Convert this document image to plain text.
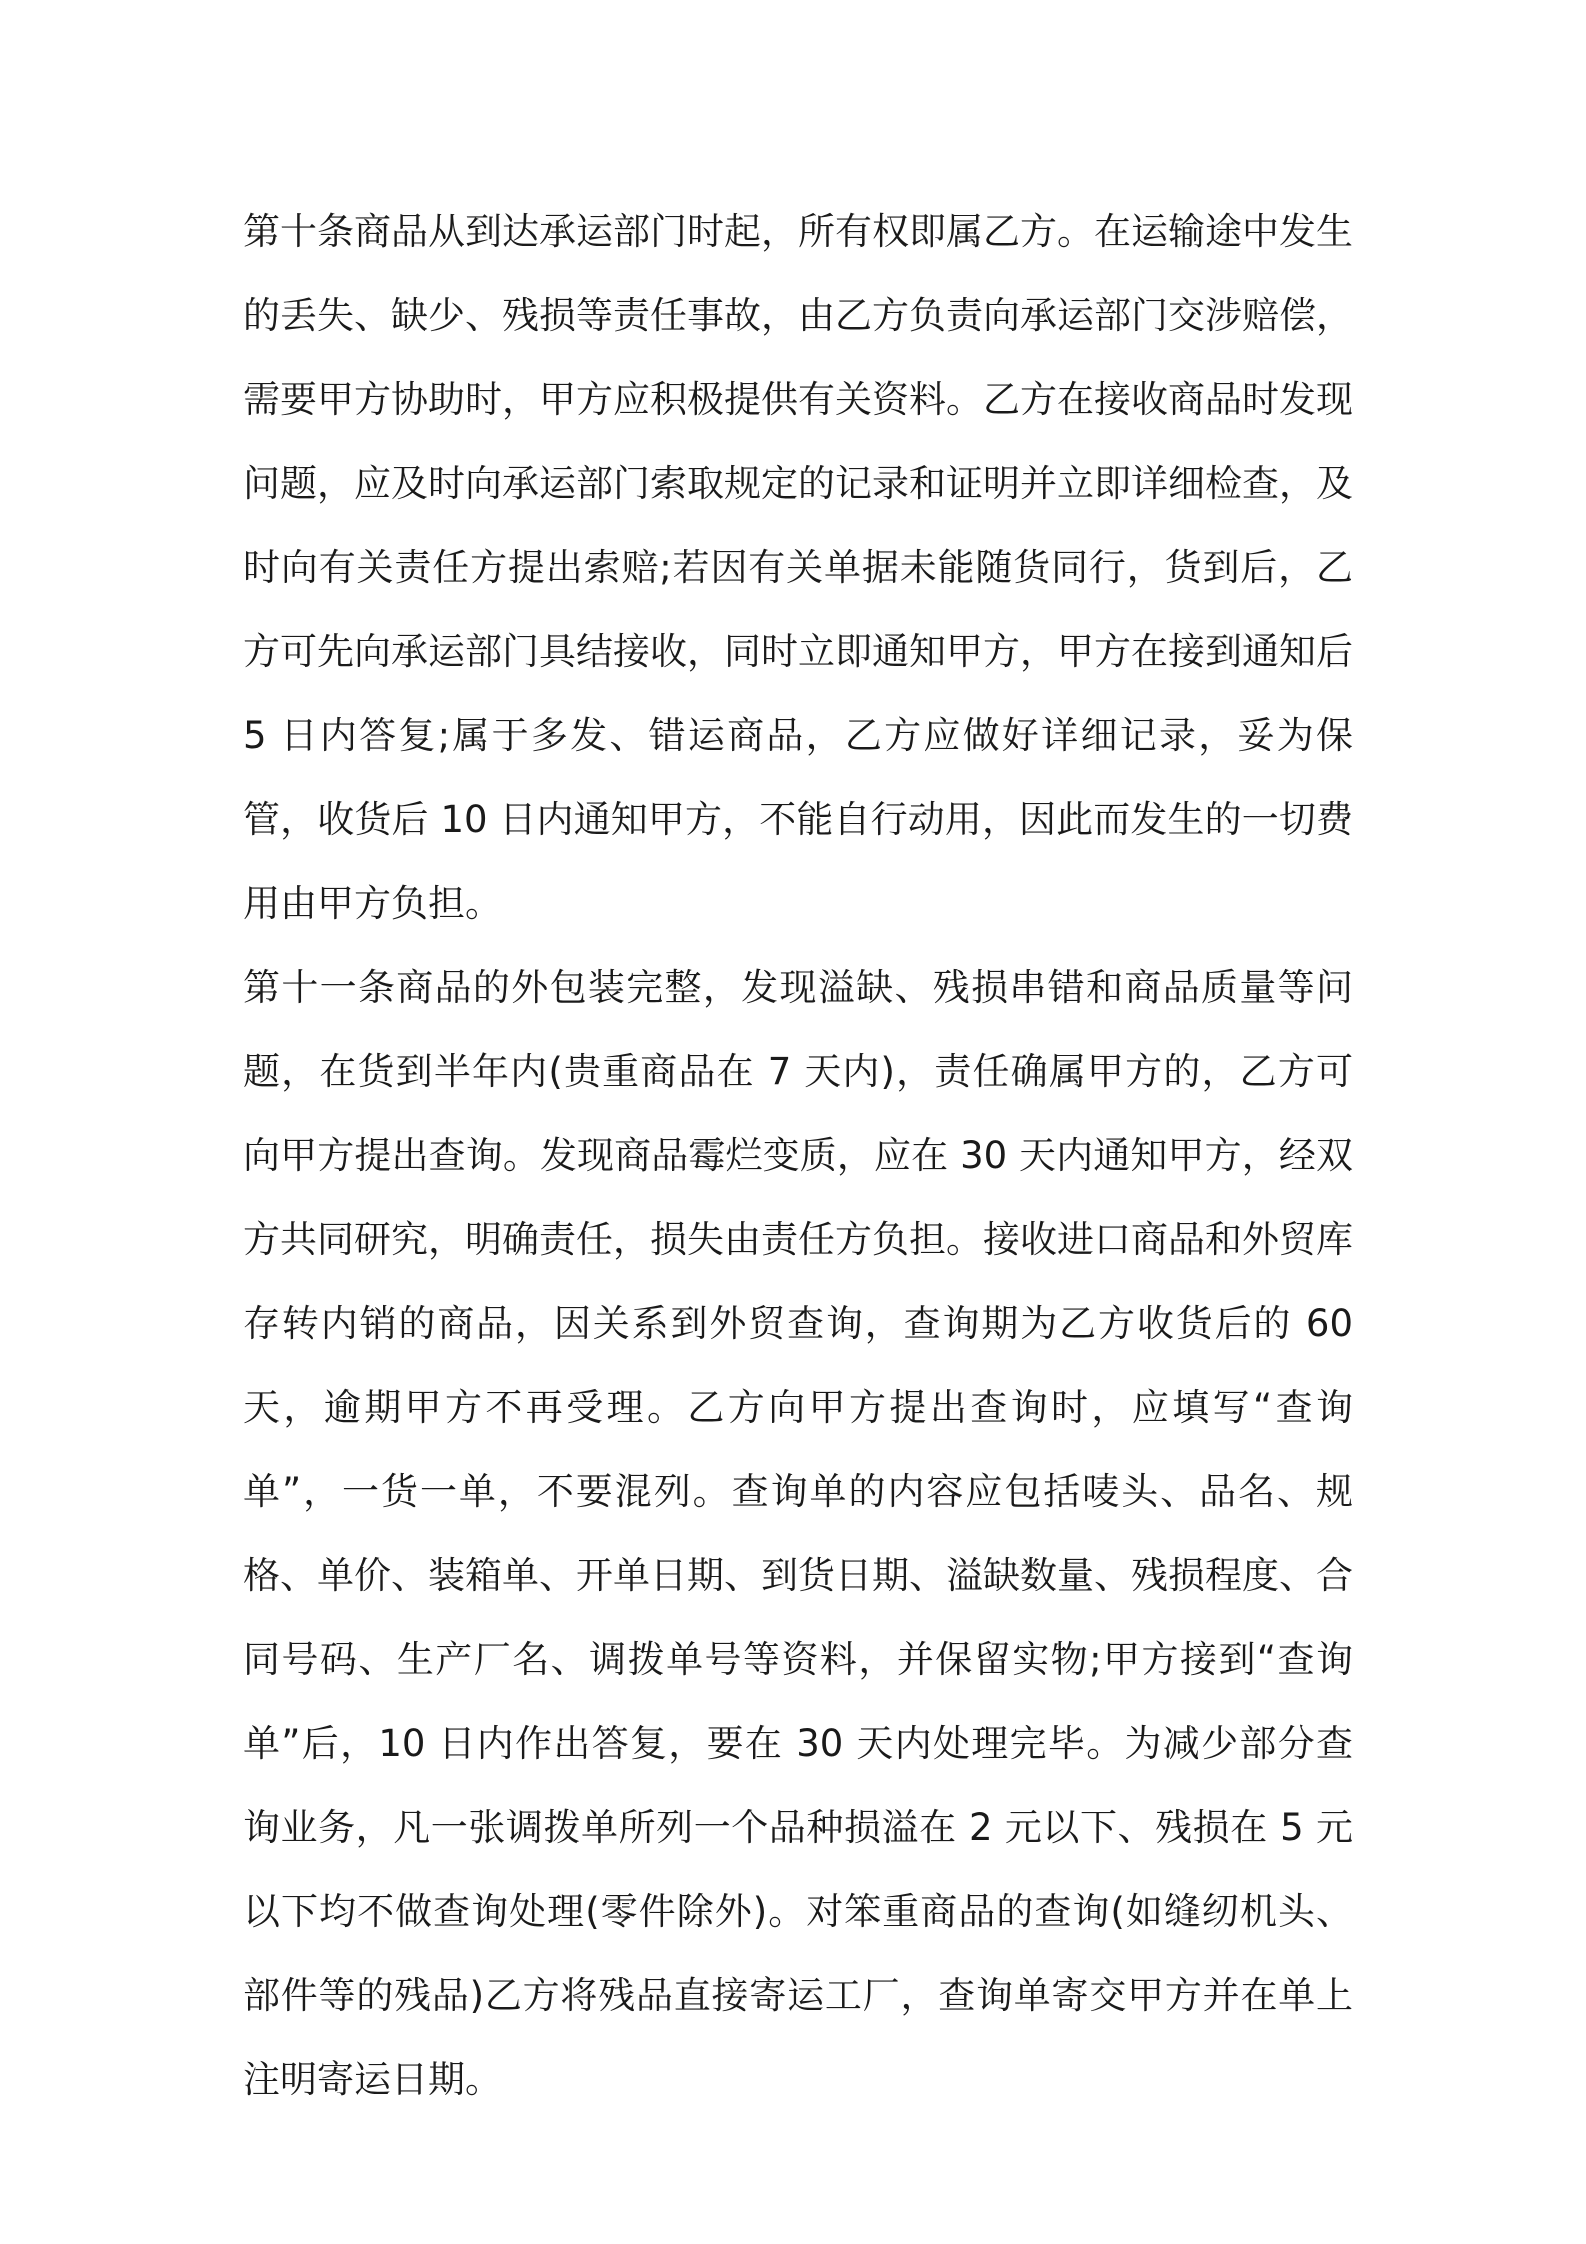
第十条商品从到达承运部门时起，所有权即属乙方。在运输途中发生的丢失、缺少、残损等责任事故，由乙方负责向承运部门交涉赔偿，需要甲方协助时，甲方应积极提供有关资料。乙方在接收商品时发现问题，应及时向承运部门索取规定的记录和证明并立即详细检查，及时向有关责任方提出索赔;若因有关单据未能随货同行，货到后，乙方可先向承运部门具结接收，同时立即通知甲方，甲方在接到通知后 5 日内答复;属于多发、错运商品，乙方应做好详细记录，妥为保管，收货后 10 日内通知甲方，不能自行动用，因此而发生的一切费用由甲方负担。

第十一条商品的外包装完整，发现溢缺、残损串错和商品质量等问题，在货到半年内(贵重商品在 7 天内)，责任确属甲方的，乙方可向甲方提出查询。发现商品霉烂变质，应在 30 天内通知甲方，经双方共同研究，明确责任，损失由责任方负担。接收进口商品和外贸库存转内销的商品，因关系到外贸查询，查询期为乙方收货后的 60 天，逾期甲方不再受理。乙方向甲方提出查询时，应填写“查询单”，一货一单，不要混列。查询单的内容应包括唛头、品名、规格、单价、装箱单、开单日期、到货日期、溢缺数量、残损程度、合同号码、生产厂名、调拨单号等资料，并保留实物;甲方接到“查询单”后，10 日内作出答复，要在 30 天内处理完毕。为减少部分查询业务，凡一张调拨单所列一个品种损溢在 2 元以下、残损在 5 元以下均不做查询处理(零件除外)。对笨重商品的查询(如缝纫机头、部件等的残品)乙方将残品直接寄运工厂，查询单寄交甲方并在单上注明寄运日期。
